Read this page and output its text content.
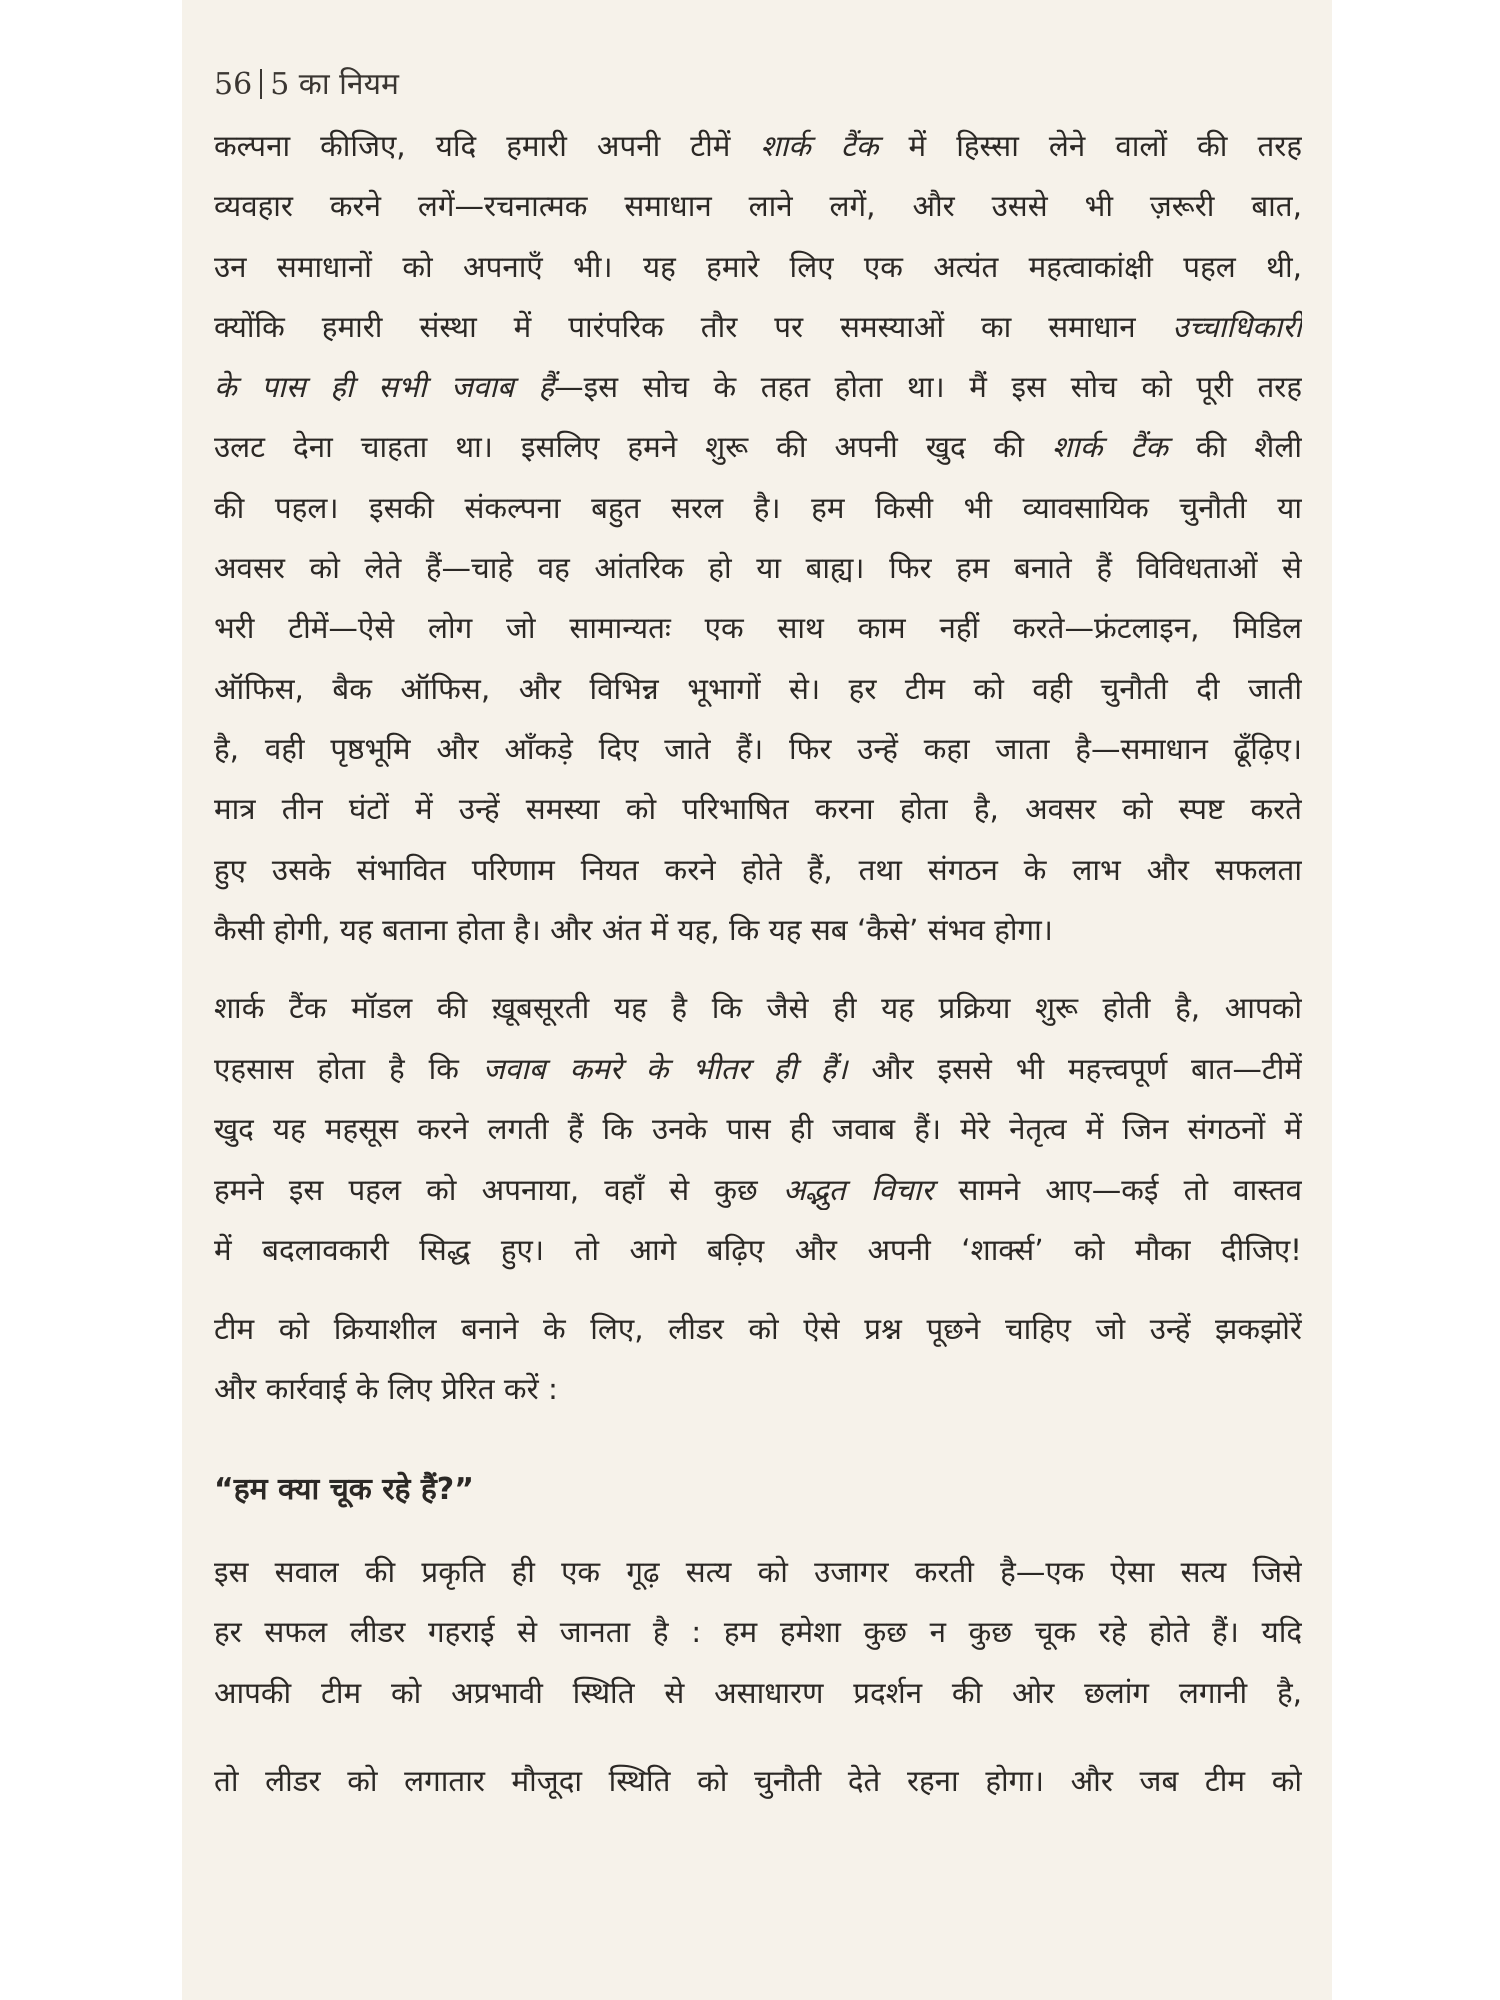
56 5 का नियम
कल्पना कीजिए, यदि हमारी अपनी टीमें शार्क टैंक में हिस्सा लेने वालों की तरह
व्यवहार करने लगें—रचनात्मक समाधान लाने लगें, और उससे भी ज़रूरी बात,
उन समाधानों को अपनाएँ भी। यह हमारे लिए एक अत्यंत महत्वाकांक्षी पहल थी,
क्योंकि हमारी संस्था में पारंपरिक तौर पर समस्याओं का समाधान उच्चाधिकारी
के पास ही सभी जवाब हैं—इस सोच के तहत होता था। मैं इस सोच को पूरी तरह
उलट देना चाहता था। इसलिए हमने शुरू की अपनी खुद की शार्क टैंक की शैली
की पहल। इसकी संकल्पना बहुत सरल है। हम किसी भी व्यावसायिक चुनौती या
अवसर को लेते हैं—चाहे वह आंतरिक हो या बाह्य। फिर हम बनाते हैं विविधताओं से
भरी टीमें—ऐसे लोग जो सामान्यतः एक साथ काम नहीं करते—फ्रंटलाइन, मिडिल
ऑफिस, बैक ऑफिस, और विभिन्न भूभागों से। हर टीम को वही चुनौती दी जाती
है, वही पृष्ठभूमि और आँकड़े दिए जाते हैं। फिर उन्हें कहा जाता है—समाधान ढूँढ़िए।
मात्र तीन घंटों में उन्हें समस्या को परिभाषित करना होता है, अवसर को स्पष्ट करते
हुए उसके संभावित परिणाम नियत करने होते हैं, तथा संगठन के लाभ और सफलता
कैसी होगी, यह बताना होता है। और अंत में यह, कि यह सब ‘कैसे’ संभव होगा।
शार्क टैंक मॉडल की ख़ूबसूरती यह है कि जैसे ही यह प्रक्रिया शुरू होती है, आपको
एहसास होता है कि जवाब कमरे के भीतर ही हैं। और इससे भी महत्त्वपूर्ण बात—टीमें
खुद यह महसूस करने लगती हैं कि उनके पास ही जवाब हैं। मेरे नेतृत्व में जिन संगठनों में
हमने इस पहल को अपनाया, वहाँ से कुछ अद्भुत विचार सामने आए—कई तो वास्तव
में बदलावकारी सिद्ध हुए। तो आगे बढ़िए और अपनी ‘शार्क्स’ को मौका दीजिए!
टीम को क्रियाशील बनाने के लिए, लीडर को ऐसे प्रश्न पूछने चाहिए जो उन्हें झकझोरें
और कार्रवाई के लिए प्रेरित करें :
“हम क्या चूक रहे हैं?”
इस सवाल की प्रकृति ही एक गूढ़ सत्य को उजागर करती है—एक ऐसा सत्य जिसे
हर सफल लीडर गहराई से जानता है : हम हमेशा कुछ न कुछ चूक रहे होते हैं। यदि
आपकी टीम को अप्रभावी स्थिति से असाधारण प्रदर्शन की ओर छलांग लगानी है,
तो लीडर को लगातार मौजूदा स्थिति को चुनौती देते रहना होगा। और जब टीम को
